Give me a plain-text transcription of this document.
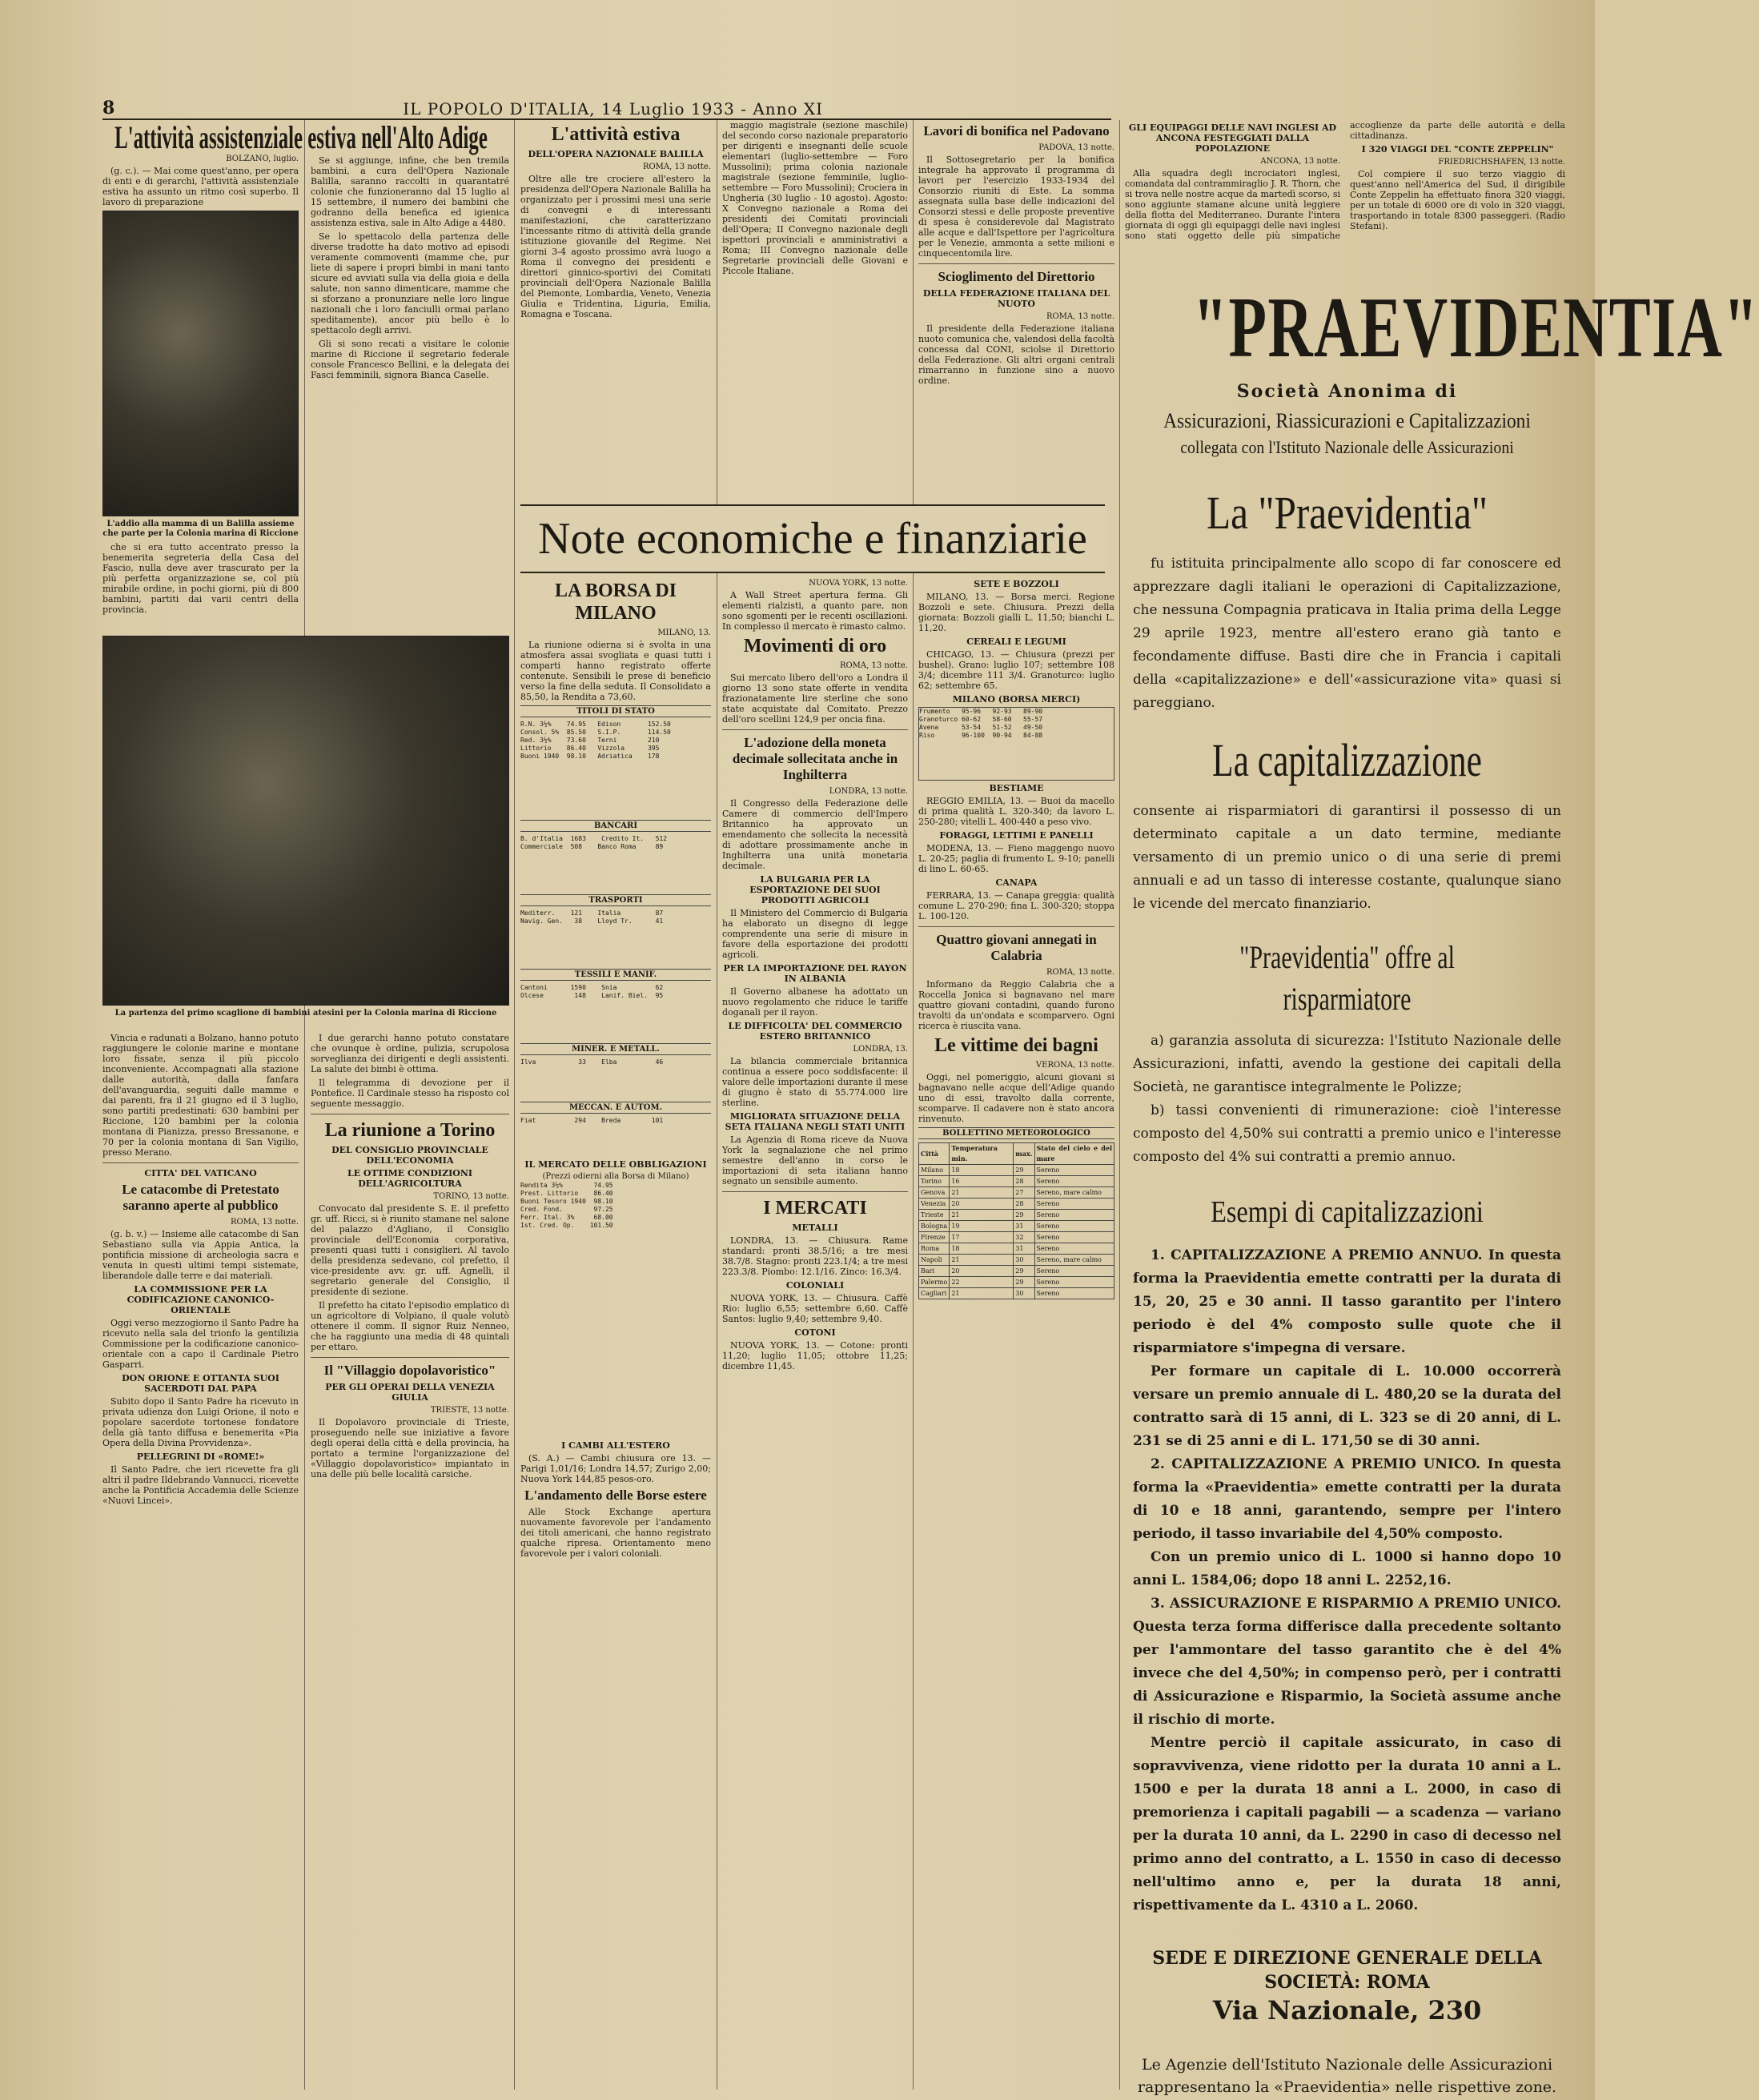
8	IL POPOLO D'ITALIA, 14 Luglio 1933 - Anno XI
L'attività assistenziale estiva nell'Alto Adige
BOLZANO, luglio.

(g. c.). — Mai come quest'anno, per opera di enti e di gerarchi, l'attività assistenziale estiva ha assunto un ritmo così superbo. Il lavoro di preparazione

L'addio alla mamma di un Balilla assieme che parte per la Colonia marina di Riccione

che si era tutto accentrato presso la benemerita segreteria della Casa del Fascio, nulla deve aver trascurato per la più perfetta organizzazione se, col più mirabile ordine, in pochi giorni, più di 800 bambini, partiti dai varii centri della provincia.

Se si aggiunge, infine, che ben tremila bambini, a cura dell'Opera Nazionale Balilla, saranno raccolti in quarantatré colonie che funzioneranno dal 15 luglio al 15 settembre, il numero dei bambini che godranno della benefica ed igienica assistenza estiva, sale in Alto Adige a 4480.

Se lo spettacolo della partenza delle diverse tradotte ha dato motivo ad episodi veramente commoventi (mamme che, pur liete di sapere i propri bimbi in mani tanto sicure ed avviati sulla via della gioia e della salute, non sanno dimenticare, mamme che si sforzano a pronunziare nelle loro lingue nazionali che i loro fanciulli ormai parlano speditamente), ancor più bello è lo spettacolo degli arrivi.

Gli si sono recati a visitare le colonie marine di Riccione il segretario federale console Francesco Bellini, e la delegata dei Fasci femminili, signora Bianca Caselle.

La partenza del primo scaglione di bambini atesini per la Colonia marina di Riccione

Vincia e radunati a Bolzano, hanno potuto raggiungere le colonie marine e montane loro fissate, senza il più piccolo inconveniente. Accompagnati alla stazione dalle autorità, dalla fanfara dell'avanguardia, seguiti dalle mamme e dai parenti, fra il 21 giugno ed il 3 luglio, sono partiti predestinati: 630 bambini per Riccione, 120 bambini per la colonia montana di Pianizza, presso Bressanone, e 70 per la colonia montana di San Vigilio, presso Merano.

CITTA' DEL VATICANO
Le catacombe di Pretestato saranno aperte al pubblico
ROMA, 13 notte.

(g. b. v.) — Insieme alle catacombe di San Sebastiano sulla via Appia Antica, la pontificia missione di archeologia sacra e venuta in questi ultimi tempi sistemate, liberandole dalle terre e dai materiali.

LA COMMISSIONE PER LA CODIFICAZIONE CANONICO-ORIENTALE

Oggi verso mezzogiorno il Santo Padre ha ricevuto nella sala del trionfo la gentilizia Commissione per la codificazione canonico-orientale con a capo il Cardinale Pietro Gasparri.

DON ORIONE E OTTANTA SUOI SACERDOTI DAL PAPA

Subito dopo il Santo Padre ha ricevuto in privata udienza don Luigi Orione, il noto e popolare sacerdote tortonese fondatore della già tanto diffusa e benemerita «Pia Opera della Divina Provvidenza».

PELLEGRINI DI «ROME!»

Il Santo Padre, che ieri ricevette fra gli altri il padre Ildebrando Vannucci, ricevette anche la Pontificia Accademia delle Scienze «Nuovi Lincei».

I due gerarchi hanno potuto constatare che ovunque è ordine, pulizia, scrupolosa sorveglianza dei dirigenti e degli assistenti. La salute dei bimbi è ottima.

Il telegramma di devozione per il Pontefice. Il Cardinale stesso ha risposto col seguente messaggio.

La riunione a Torino
DEL CONSIGLIO PROVINCIALE DELL'ECONOMIA
LE OTTIME CONDIZIONI DELL'AGRICOLTURA
TORINO, 13 notte.

Convocato dal presidente S. E. il prefetto gr. uff. Ricci, si è riunito stamane nel salone del palazzo d'Agliano, il Consiglio provinciale dell'Economia corporativa, presenti quasi tutti i consiglieri. Al tavolo della presidenza sedevano, col prefetto, il vice-presidente avv. gr. uff. Agnelli, il segretario generale del Consiglio, il presidente di sezione.

Il prefetto ha citato l'episodio emplatico di un agricoltore di Volpiano, il quale volutò ottenere il comm. Il signor Ruiz Nenneo, che ha raggiunto una media di 48 quintali per ettaro.

Il "Villaggio dopolavoristico"
PER GLI OPERAI DELLA VENEZIA GIULIA
TRIESTE, 13 notte.

Il Dopolavoro provinciale di Trieste, proseguendo nelle sue iniziative a favore degli operai della città e della provincia, ha portato a termine l'organizzazione del «Villaggio dopolavoristico» impiantato in una delle più belle località carsiche.

L'attività estiva
DELL'OPERA NAZIONALE BALILLA
ROMA, 13 notte.

Oltre alle tre crociere all'estero la presidenza dell'Opera Nazionale Balilla ha organizzato per i prossimi mesi una serie di convegni e di interessanti manifestazioni, che caratterizzano l'incessante ritmo di attività della grande istituzione giovanile del Regime. Nei giorni 3-4 agosto prossimo avrà luogo a Roma il convegno dei presidenti e direttori ginnico-sportivi dei Comitati provinciali dell'Opera Nazionale Balilla del Piemonte, Lombardia, Veneto, Venezia Giulia e Tridentina, Liguria, Emilia, Romagna e Toscana.

maggio magistrale (sezione maschile) del secondo corso nazionale preparatorio per dirigenti e insegnanti delle scuole elementari (luglio-settembre — Foro Mussolini); prima colonia nazionale magistrale (sezione femminile, luglio-settembre — Foro Mussolini); Crociera in Ungheria (30 luglio - 10 agosto). Agosto: X Convegno nazionale a Roma dei presidenti dei Comitati provinciali dell'Opera; II Convegno nazionale degli ispettori provinciali e amministrativi a Roma; III Convegno nazionale delle Segretarie provinciali delle Giovani e Piccole Italiane.

Lavori di bonifica nel Padovano
PADOVA, 13 notte.

Il Sottosegretario per la bonifica integrale ha approvato il programma di lavori per l'esercizio 1933-1934 del Consorzio riuniti di Este. La somma assegnata sulla base delle indicazioni del Consorzi stessi e delle proposte preventive di spesa è considerevole dal Magistrato alle acque e dall'Ispettore per l'agricoltura per le Venezie, ammonta a sette milioni e cinquecentomila lire.

Scioglimento del Direttorio
DELLA FEDERAZIONE ITALIANA DEL NUOTO
ROMA, 13 notte.

Il presidente della Federazione italiana nuoto comunica che, valendosi della facoltà concessa dal CONI, sciolse il Direttorio della Federazione. Gli altri organi centrali rimarranno in funzione sino a nuovo ordine.

GLI EQUIPAGGI DELLE NAVI INGLESI AD ANCONA FESTEGGIATI DALLA POPOLAZIONE
ANCONA, 13 notte.

Alla squadra degli incrociatori inglesi, comandata dal contrammiraglio J. R. Thorn, che si trova nelle nostre acque da martedì scorso, si sono aggiunte stamane alcune unità leggiere della flotta del Mediterraneo. Durante l'intera giornata di oggi gli equipaggi delle navi inglesi sono stati oggetto delle più simpatiche accoglienze da parte delle autorità e della cittadinanza.

I 320 VIAGGI DEL "CONTE ZEPPELIN"
FRIEDRICHSHAFEN, 13 notte.

Col compiere il suo terzo viaggio di quest'anno nell'America del Sud, il dirigibile Conte Zeppelin ha effettuato finora 320 viaggi, per un totale di 6000 ore di volo in 320 viaggi, trasportando in totale 8300 passeggeri. (Radio Stefani).

Note economiche e finanziarie
LA BORSA DI MILANO
MILANO, 13.

La riunione odierna si è svolta in una atmosfera assai svogliata e quasi tutti i comparti hanno registrato offerte contenute. Sensibili le prese di beneficio verso la fine della seduta. Il Consolidato a 85,50, la Rendita a 73,60.

TITOLI DI STATO
R.N. 3½%    74.95   Edison       152.50
Consol. 5%  85.50   S.I.P.       114.50
Red. 3½%    73.60   Terni        210
Littorio    86.40   Vizzola      395
Buoni 1940  98.10   Adriatica    178
BANCARI
B. d'Italia  1683    Credito It.   512
Commerciale  508    Banco Roma     89
TRASPORTI
Mediterr.    121    Italia         87
Navig. Gen.   38    Lloyd Tr.      41
TESSILI E MANIF.
Cantoni      1590    Snia          62
Olcese        148    Lanif. Biel.  95
MINER. E METALL.
Ilva           33    Elba          46
MECCAN. E AUTOM.
Fiat          294    Breda        101
IL MERCATO DELLE OBBLIGAZIONI
(Prezzi odierni alla Borsa di Milano)
Rendita 3½%        74.95
Prest. Littorio    86.40
Buoni Tesoro 1940  98.10
Cred. Fond.        97.25
Ferr. Ital. 3%     68.00
Ist. Cred. Op.    101.50
I CAMBI ALL'ESTERO

(S. A.) — Cambi chiusura ore 13. — Parigi 1,01/16; Londra 14,57; Zurigo 2,00; Nuova York 144,85 pesos-oro.

L'andamento delle Borse estere

Alle Stock Exchange apertura nuovamente favorevole per l'andamento dei titoli americani, che hanno registrato qualche ripresa. Orientamento meno favorevole per i valori coloniali.

NUOVA YORK, 13 notte.

A Wall Street apertura ferma. Gli elementi rialzisti, a quanto pare, non sono sgomenti per le recenti oscillazioni. In complesso il mercato è rimasto calmo.

Movimenti di oro
ROMA, 13 notte.

Sui mercato libero dell'oro a Londra il giorno 13 sono state offerte in vendita frazionatamente lire sterline che sono state acquistate dal Comitato. Prezzo dell'oro scellini 124,9 per oncia fina.

L'adozione della moneta decimale sollecitata anche in Inghilterra
LONDRA, 13 notte.

Il Congresso della Federazione delle Camere di commercio dell'Impero Britannico ha approvato un emendamento che sollecita la necessità di adottare prossimamente anche in Inghilterra una unità monetaria decimale.

LA BULGARIA PER LA ESPORTAZIONE DEI SUOI PRODOTTI AGRICOLI

Il Ministero del Commercio di Bulgaria ha elaborato un disegno di legge comprendente una serie di misure in favore della esportazione dei prodotti agricoli.

PER LA IMPORTAZIONE DEL RAYON IN ALBANIA

Il Governo albanese ha adottato un nuovo regolamento che riduce le tariffe doganali per il rayon.

LE DIFFICOLTA' DEL COMMERCIO ESTERO BRITANNICO
LONDRA, 13.

La bilancia commerciale britannica continua a essere poco soddisfacente: il valore delle importazioni durante il mese di giugno è stato di 55.774.000 lire sterline.

MIGLIORATA SITUAZIONE DELLA SETA ITALIANA NEGLI STATI UNITI

La Agenzia di Roma riceve da Nuova York la segnalazione che nel primo semestre dell'anno in corso le importazioni di seta italiana hanno segnato un sensibile aumento.

I MERCATI
METALLI

LONDRA, 13. — Chiusura. Rame standard: pronti 38.5/16; a tre mesi 38.7/8. Stagno: pronti 223.1/4; a tre mesi 223.3/8. Piombo: 12.1/16. Zinco: 16.3/4.

COLONIALI

NUOVA YORK, 13. — Chiusura. Caffè Rio: luglio 6,55; settembre 6,60. Caffè Santos: luglio 9,40; settembre 9,40.

COTONI

NUOVA YORK, 13. — Cotone: pronti 11,20; luglio 11,05; ottobre 11,25; dicembre 11,45.

SETE E BOZZOLI

MILANO, 13. — Borsa merci. Regione Bozzoli e sete. Chiusura. Prezzi della giornata: Bozzoli gialli L. 11,50; bianchi L. 11,20.

CEREALI E LEGUMI

CHICAGO, 13. — Chiusura (prezzi per bushel). Grano: luglio 107; settembre 108 3/4; dicembre 111 3/4. Granoturco: luglio 62; settembre 65.

MILANO (BORSA MERCI)
Frumento   95-96   92-93   89-90
Granoturco 60-62   58-60   55-57
Avena      53-54   51-52   49-50
Riso       96-100  90-94   84-88
BESTIAME

REGGIO EMILIA, 13. — Buoi da macello di prima qualità L. 320-340; da lavoro L. 250-280; vitelli L. 400-440 a peso vivo.

FORAGGI, LETTIMI E PANELLI

MODENA, 13. — Fieno maggengo nuovo L. 20-25; paglia di frumento L. 9-10; panelli di lino L. 60-65.

CANAPA

FERRARA, 13. — Canapa greggia: qualità comune L. 270-290; fina L. 300-320; stoppa L. 100-120.

Quattro giovani annegati in Calabria
ROMA, 13 notte.

Informano da Reggio Calabria che a Roccella Jonica si bagnavano nel mare quattro giovani contadini, quando furono travolti da un'ondata e scomparvero. Ogni ricerca è riuscita vana.

Le vittime dei bagni
VERONA, 13 notte.

Oggi, nel pomeriggio, alcuni giovani si bagnavano nelle acque dell'Adige quando uno di essi, travolto dalla corrente, scomparve. Il cadavere non è stato ancora rinvenuto.

BOLLETTINO METEOROLOGICO
Città	Temperatura min.	max.	Stato del cielo e del mare
Milano	18	29	Sereno
Torino	16	28	Sereno
Genova	21	27	Sereno, mare calmo
Venezia	20	28	Sereno
Trieste	21	29	Sereno
Bologna	19	31	Sereno
Firenze	17	32	Sereno
Roma	18	31	Sereno
Napoli	21	30	Sereno, mare calmo
Bari	20	29	Sereno
Palermo	22	29	Sereno
Cagliari	21	30	Sereno
"PRAEVIDENTIA"
Società Anonima di
Assicurazioni, Riassicurazioni e Capitalizzazioni
collegata con l'Istituto Nazionale delle Assicurazioni
La "Praevidentia"
fu istituita principalmente allo scopo di far conoscere ed apprezzare dagli italiani le operazioni di Capitalizzazione, che nessuna Compagnia praticava in Italia prima della Legge 29 aprile 1923, mentre all'estero erano già tanto e fecondamente diffuse. Basti dire che in Francia i capitali della «capitalizzazione» e dell'«assicurazione vita» quasi si pareggiano.
La capitalizzazione
consente ai risparmiatori di garantirsi il possesso di un determinato capitale a un dato termine, mediante versamento di un premio unico o di una serie di premi annuali e ad un tasso di interesse costante, qualunque siano le vicende del mercato finanziario.
"Praevidentia" offre al risparmiatore
a) garanzia assoluta di sicurezza: l'Istituto Nazionale delle Assicurazioni, infatti, avendo la gestione dei capitali della Società, ne garantisce integralmente le Polizze;
b) tassi convenienti di rimunerazione: cioè l'interesse composto del 4,50% sui contratti a premio unico e l'interesse composto del 4% sui contratti a premio annuo.
Esempi di capitalizzazioni
1. CAPITALIZZAZIONE A PREMIO ANNUO. In questa forma la Praevidentia emette contratti per la durata di 15, 20, 25 e 30 anni. Il tasso garantito per l'intero periodo è del 4% composto sulle quote che il risparmiatore s'impegna di versare.
Per formare un capitale di L. 10.000 occorrerà versare un premio annuale di L. 480,20 se la durata del contratto sarà di 15 anni, di L. 323 se di 20 anni, di L. 231 se di 25 anni e di L. 171,50 se di 30 anni.
2. CAPITALIZZAZIONE A PREMIO UNICO. In questa forma la «Praevidentia» emette contratti per la durata di 10 e 18 anni, garantendo, sempre per l'intero periodo, il tasso invariabile del 4,50% composto.
Con un premio unico di L. 1000 si hanno dopo 10 anni L. 1584,06; dopo 18 anni L. 2252,16.
3. ASSICURAZIONE E RISPARMIO A PREMIO UNICO. Questa terza forma differisce dalla precedente soltanto per l'ammontare del tasso garantito che è del 4% invece che del 4,50%; in compenso però, per i contratti di Assicurazione e Risparmio, la Società assume anche il rischio di morte.
Mentre perciò il capitale assicurato, in caso di sopravvivenza, viene ridotto per la durata 10 anni a L. 1500 e per la durata 18 anni a L. 2000, in caso di premorienza i capitali pagabili — a scadenza — variano per la durata 10 anni, da L. 2290 in caso di decesso nel primo anno del contratto, a L. 1550 in caso di decesso nell'ultimo anno e, per la durata 18 anni, rispettivamente da L. 4310 a L. 2060.
SEDE E DIREZIONE GENERALE DELLA SOCIETÀ: ROMA
Via Nazionale, 230
Le Agenzie dell'Istituto Nazionale delle Assicurazioni rappresentano la «Praevidentia» nelle rispettive zone.
